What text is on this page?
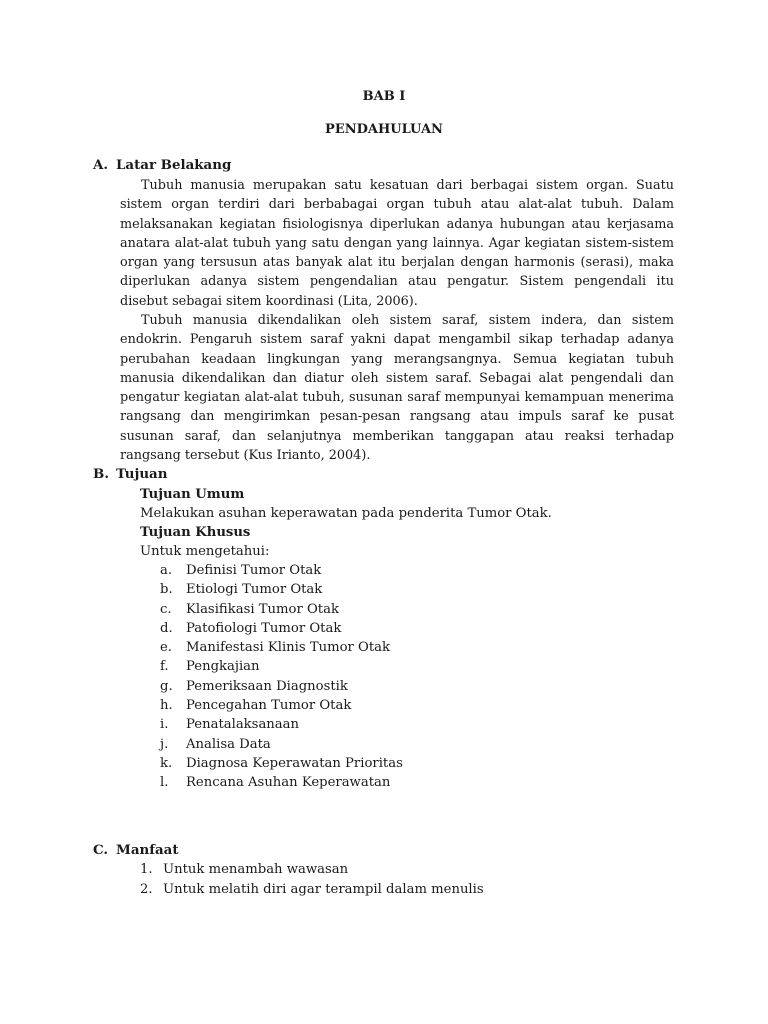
BAB I
PENDAHULUAN
A. Latar Belakang

Tubuh manusia merupakan satu kesatuan dari berbagai sistem organ. Suatu sistem organ terdiri dari berbabagai organ tubuh atau alat-alat tubuh. Dalam melaksanakan kegiatan fisiologisnya diperlukan adanya hubungan atau kerjasama anatara alat-alat tubuh yang satu dengan yang lainnya. Agar kegiatan sistem-sistem organ yang tersusun atas banyak alat itu berjalan dengan harmonis (serasi), maka diperlukan adanya sistem pengendalian atau pengatur. Sistem pengendali itu disebut sebagai sitem koordinasi (Lita, 2006).

Tubuh manusia dikendalikan oleh sistem saraf, sistem indera, dan sistem endokrin. Pengaruh sistem saraf yakni dapat mengambil sikap terhadap adanya perubahan keadaan lingkungan yang merangsangnya. Semua kegiatan tubuh manusia dikendalikan dan diatur oleh sistem saraf. Sebagai alat pengendali dan pengatur kegiatan alat-alat tubuh, susunan saraf mempunyai kemampuan menerima rangsang dan mengirimkan pesan-pesan rangsang atau impuls saraf ke pusat susunan saraf, dan selanjutnya memberikan tanggapan atau reaksi terhadap rangsang tersebut (Kus Irianto, 2004).

B. Tujuan
Tujuan Umum
Melakukan asuhan keperawatan pada penderita Tumor Otak.
Tujuan Khusus
Untuk mengetahui:
a. Definisi Tumor Otak
b. Etiologi Tumor Otak
c. Klasifikasi Tumor Otak
d. Patofiologi Tumor Otak
e. Manifestasi Klinis Tumor Otak
f. Pengkajian
g. Pemeriksaan Diagnostik
h. Pencegahan Tumor Otak
i. Penatalaksanaan
j. Analisa Data
k. Diagnosa Keperawatan Prioritas
l. Rencana Asuhan Keperawatan
C. Manfaat
1. Untuk menambah wawasan
2. Untuk melatih diri agar terampil dalam menulis
